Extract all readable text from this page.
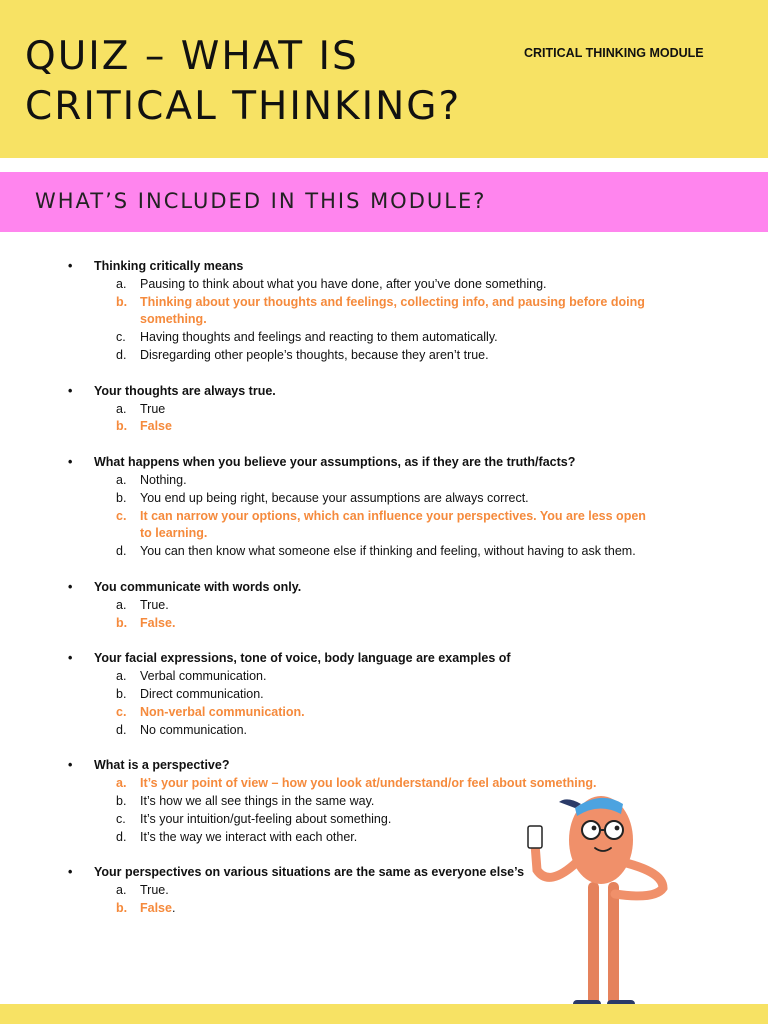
QUIZ – WHAT IS
CRITICAL THINKING?
CRITICAL THINKING MODULE
WHAT’S INCLUDED IN THIS MODULE?
• Thinking critically means
a. Pausing to think about what you have done, after you’ve done something.
b. Thinking about your thoughts and feelings, collecting info, and pausing before doing something.
c. Having thoughts and feelings and reacting to them automatically.
d. Disregarding other people’s thoughts, because they aren’t true.
• Your thoughts are always true.
a. True
b. False
• What happens when you believe your assumptions, as if they are the truth/facts?
a. Nothing.
b. You end up being right, because your assumptions are always correct.
c. It can narrow your options, which can influence your perspectives. You are less open to learning.
d. You can then know what someone else if thinking and feeling, without having to ask them.
• You communicate with words only.
a. True.
b. False.
• Your facial expressions, tone of voice, body language are examples of
a. Verbal communication.
b. Direct communication.
c. Non-verbal communication.
d. No communication.
• What is a perspective?
a. It’s your point of view – how you look at/understand/or feel about something.
b. It’s how we all see things in the same way.
c. It’s your intuition/gut-feeling about something.
d. It’s the way we interact with each other.
• Your perspectives on various situations are the same as everyone else’s
a. True.
b. False.
